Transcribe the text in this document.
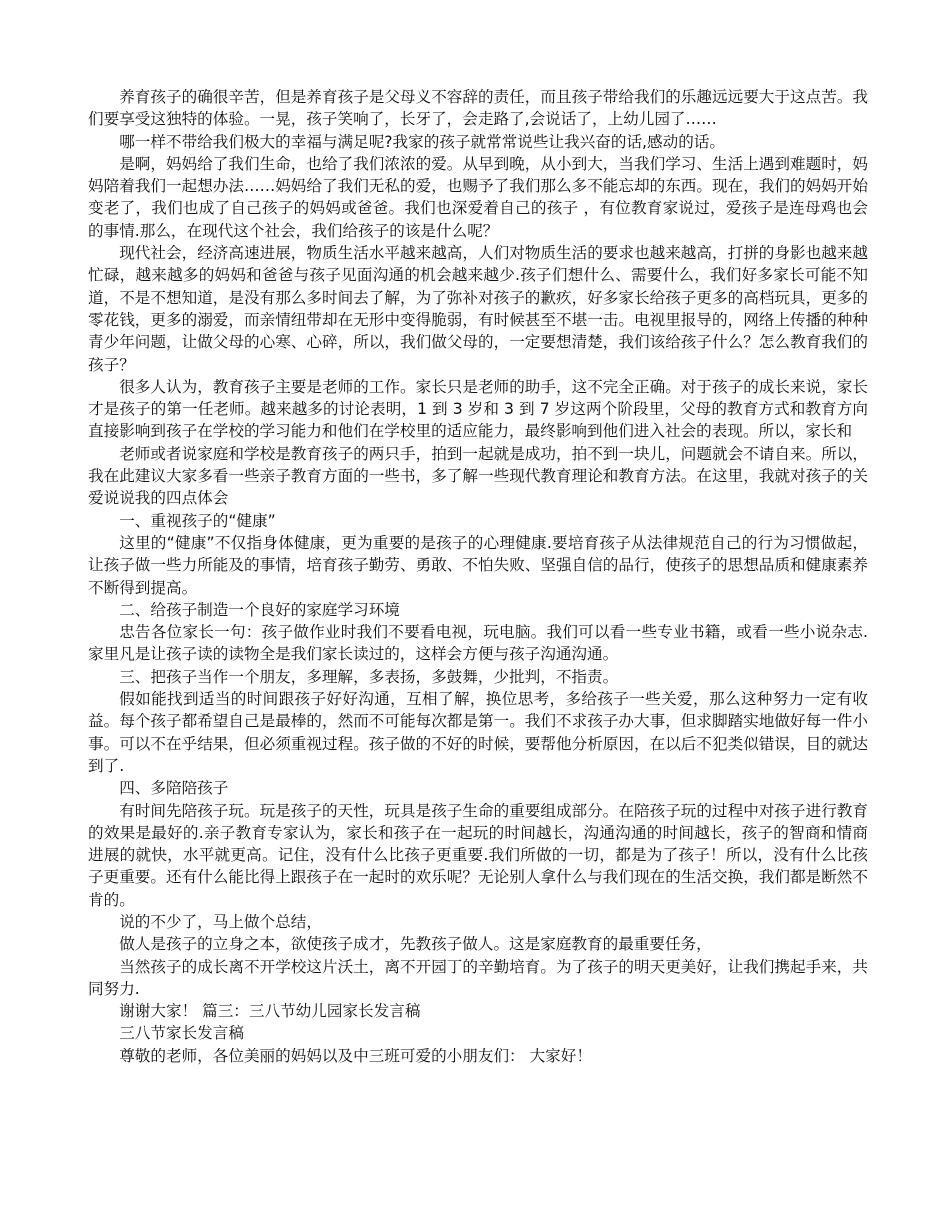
养育孩子的确很辛苦，但是养育孩子是父母义不容辞的责任，而且孩子带给我们的乐趣远远要大于这点苦。我们要享受这独特的体验。一晃，孩子笑响了，长牙了，会走路了,会说话了，上幼儿园了……

哪一样不带给我们极大的幸福与满足呢?我家的孩子就常常说些让我兴奋的话,感动的话。

是啊，妈妈给了我们生命，也给了我们浓浓的爱。从早到晚，从小到大，当我们学习、生活上遇到难题时，妈妈陪着我们一起想办法……妈妈给了我们无私的爱，也赐予了我们那么多不能忘却的东西。现在，我们的妈妈开始变老了，我们也成了自己孩子的妈妈或爸爸。我们也深爱着自己的孩子 ，有位教育家说过，爱孩子是连母鸡也会的事情.那么，在现代这个社会，我们给孩子的该是什么呢？

现代社会，经济高速进展，物质生活水平越来越高，人们对物质生活的要求也越来越高，打拼的身影也越来越忙碌，越来越多的妈妈和爸爸与孩子见面沟通的机会越来越少.孩子们想什么、需要什么，我们好多家长可能不知道，不是不想知道，是没有那么多时间去了解，为了弥补对孩子的歉疚，好多家长给孩子更多的高档玩具，更多的零花钱，更多的溺爱，而亲情纽带却在无形中变得脆弱，有时候甚至不堪一击。电视里报导的，网络上传播的种种青少年问题，让做父母的心寒、心碎，所以，我们做父母的，一定要想清楚，我们该给孩子什么？怎么教育我们的孩子？

很多人认为，教育孩子主要是老师的工作。家长只是老师的助手，这不完全正确。对于孩子的成长来说，家长才是孩子的第一任老师。越来越多的讨论表明，1 到 3 岁和 3 到 7 岁这两个阶段里，父母的教育方式和教育方向直接影响到孩子在学校的学习能力和他们在学校里的适应能力，最终影响到他们进入社会的表现。所以，家长和

老师或者说家庭和学校是教育孩子的两只手，拍到一起就是成功，拍不到一块儿，问题就会不请自来。所以，我在此建议大家多看一些亲子教育方面的一些书，多了解一些现代教育理论和教育方法。在这里，我就对孩子的关爱说说我的四点体会

一、重视孩子的“健康”

这里的“健康”不仅指身体健康，更为重要的是孩子的心理健康.要培育孩子从法律规范自己的行为习惯做起，让孩子做一些力所能及的事情，培育孩子勤劳、勇敢、不怕失败、坚强自信的品行，使孩子的思想品质和健康素养不断得到提高。

二、给孩子制造一个良好的家庭学习环境

忠告各位家长一句：孩子做作业时我们不要看电视，玩电脑。我们可以看一些专业书籍，或看一些小说杂志.家里凡是让孩子读的读物全是我们家长读过的，这样会方便与孩子沟通沟通。

三、把孩子当作一个朋友，多理解，多表扬，多鼓舞，少批判，不指责。

假如能找到适当的时间跟孩子好好沟通，互相了解，换位思考，多给孩子一些关爱，那么这种努力一定有收益。每个孩子都希望自己是最棒的，然而不可能每次都是第一。我们不求孩子办大事，但求脚踏实地做好每一件小事。可以不在乎结果，但必须重视过程。孩子做的不好的时候，要帮他分析原因，在以后不犯类似错误，目的就达到了.

四、多陪陪孩子

有时间先陪孩子玩。玩是孩子的天性，玩具是孩子生命的重要组成部分。在陪孩子玩的过程中对孩子进行教育的效果是最好的.亲子教育专家认为，家长和孩子在一起玩的时间越长，沟通沟通的时间越长，孩子的智商和情商进展的就快，水平就更高。记住，没有什么比孩子更重要.我们所做的一切，都是为了孩子！所以，没有什么比孩子更重要。还有什么能比得上跟孩子在一起时的欢乐呢？无论别人拿什么与我们现在的生活交换，我们都是断然不肯的。

说的不少了，马上做个总结，

做人是孩子的立身之本，欲使孩子成才，先教孩子做人。这是家庭教育的最重要任务，

当然孩子的成长离不开学校这片沃土，离不开园丁的辛勤培育。为了孩子的明天更美好，让我们携起手来，共同努力.

谢谢大家！ 篇三：三八节幼儿园家长发言稿

三八节家长发言稿

尊敬的老师，各位美丽的妈妈以及中三班可爱的小朋友们： 大家好！
